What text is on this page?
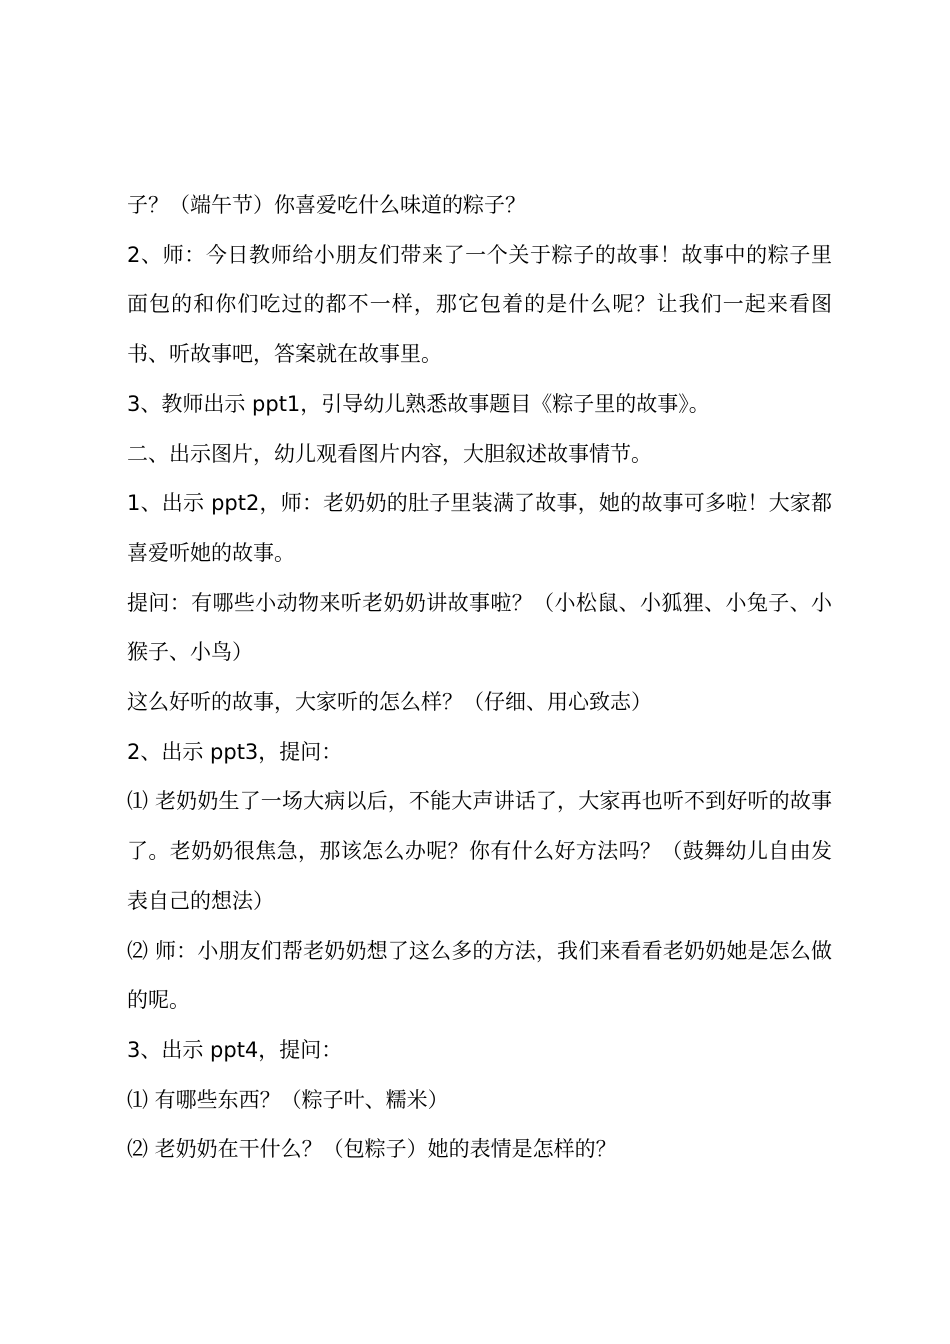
子？（端午节）你喜爱吃什么味道的粽子？

2、师：今日教师给小朋友们带来了一个关于粽子的故事！故事中的粽子里面包的和你们吃过的都不一样，那它包着的是什么呢？让我们一起来看图书、听故事吧，答案就在故事里。

3、教师出示 ppt1，引导幼儿熟悉故事题目《粽子里的故事》。

二、出示图片，幼儿观看图片内容，大胆叙述故事情节。

1、出示 ppt2，师：老奶奶的肚子里装满了故事，她的故事可多啦！大家都喜爱听她的故事。

提问：有哪些小动物来听老奶奶讲故事啦？（小松鼠、小狐狸、小兔子、小猴子、小鸟）

这么好听的故事，大家听的怎么样？（仔细、用心致志）

2、出示 ppt3，提问：

⑴ 老奶奶生了一场大病以后，不能大声讲话了，大家再也听不到好听的故事了。老奶奶很焦急，那该怎么办呢？你有什么好方法吗？（鼓舞幼儿自由发表自己的想法）

⑵ 师：小朋友们帮老奶奶想了这么多的方法，我们来看看老奶奶她是怎么做的呢。

3、出示 ppt4，提问：

⑴ 有哪些东西？（粽子叶、糯米）

⑵ 老奶奶在干什么？（包粽子）她的表情是怎样的？
